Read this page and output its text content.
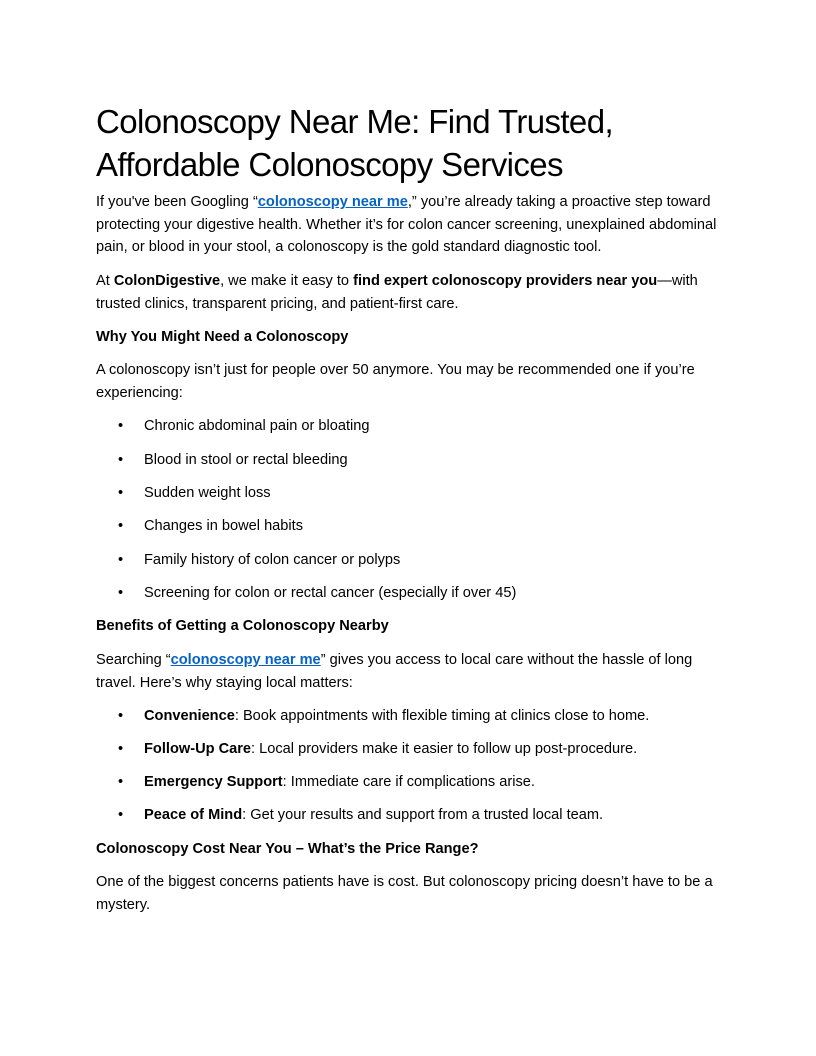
Colonoscopy Near Me: Find Trusted, Affordable Colonoscopy Services

If you've been Googling “colonoscopy near me,” you’re already taking a proactive step toward protecting your digestive health. Whether it’s for colon cancer screening, unexplained abdominal pain, or blood in your stool, a colonoscopy is the gold standard diagnostic tool.

At ColonDigestive, we make it easy to find expert colonoscopy providers near you—with trusted clinics, transparent pricing, and patient-first care.

Why You Might Need a Colonoscopy

A colonoscopy isn’t just for people over 50 anymore. You may be recommended one if you’re experiencing:

• Chronic abdominal pain or bloating
• Blood in stool or rectal bleeding
• Sudden weight loss
• Changes in bowel habits
• Family history of colon cancer or polyps
• Screening for colon or rectal cancer (especially if over 45)

Benefits of Getting a Colonoscopy Nearby

Searching “colonoscopy near me” gives you access to local care without the hassle of long travel. Here’s why staying local matters:

• Convenience: Book appointments with flexible timing at clinics close to home.
• Follow-Up Care: Local providers make it easier to follow up post-procedure.
• Emergency Support: Immediate care if complications arise.
• Peace of Mind: Get your results and support from a trusted local team.

Colonoscopy Cost Near You – What’s the Price Range?

One of the biggest concerns patients have is cost. But colonoscopy pricing doesn’t have to be a mystery.
